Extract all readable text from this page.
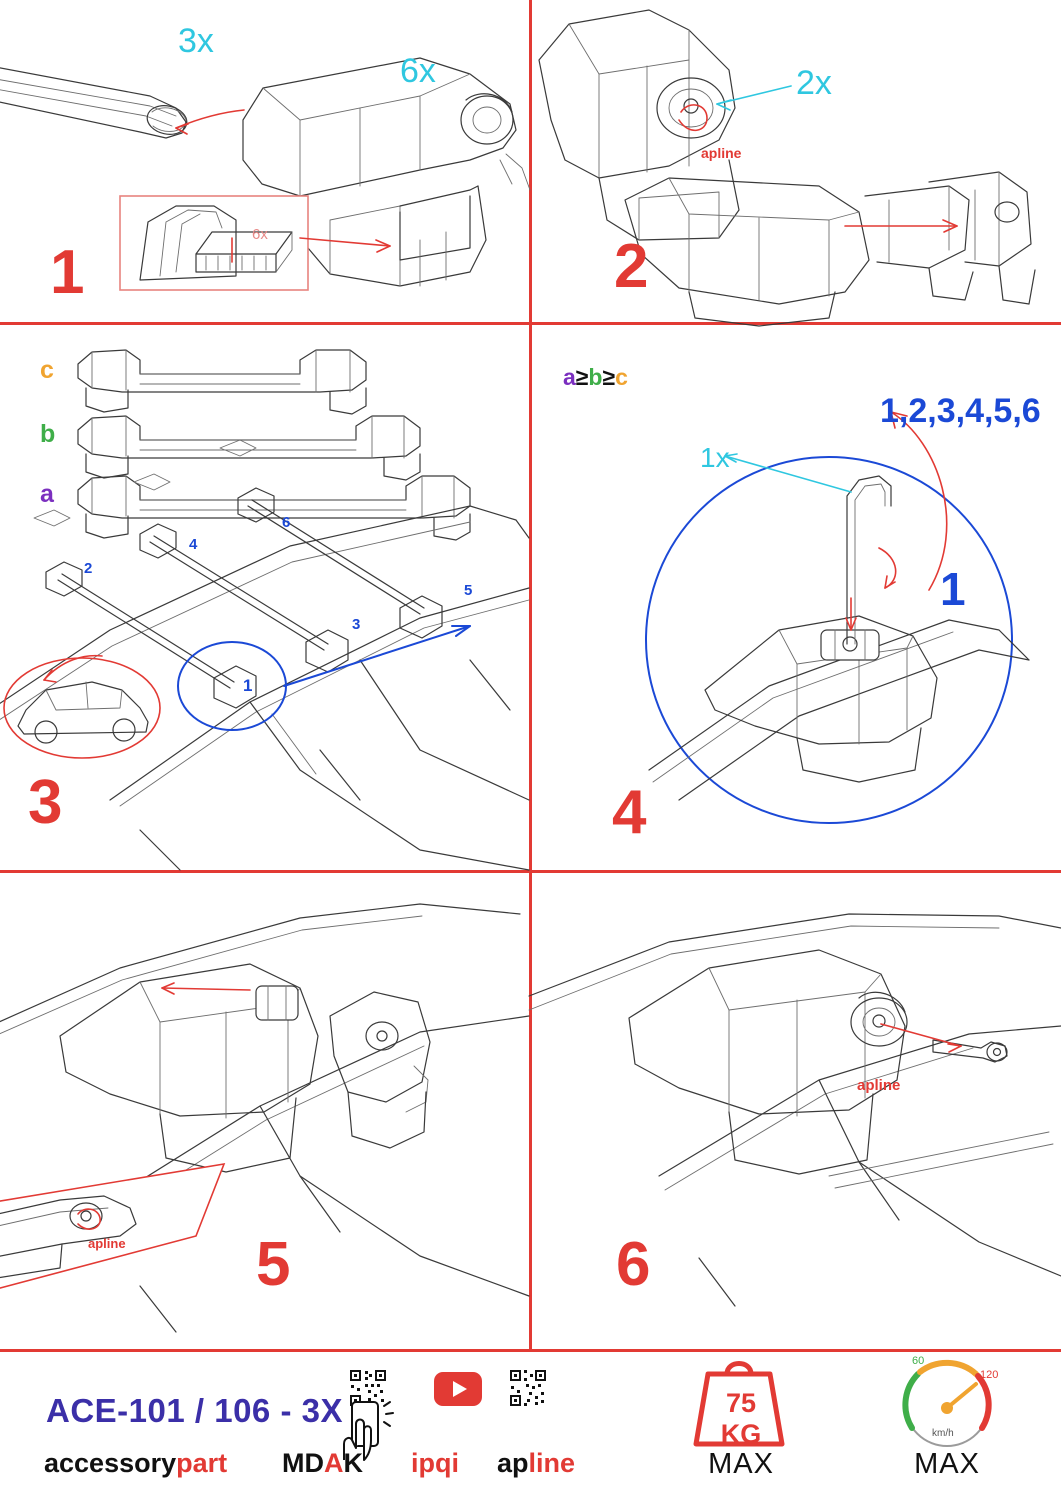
3x
6x
6x
1
apline
2x
2
c
b
a
a≥b≥c
2
4
6
3
5
1
3
1x
1,2,3,4,5,6
1
4
apline 5
apline
6
ACE-101 / 106 - 3X
accessorypart MDAK ipqi apline
75 KG
MAX
60
120
km/h
MAX
